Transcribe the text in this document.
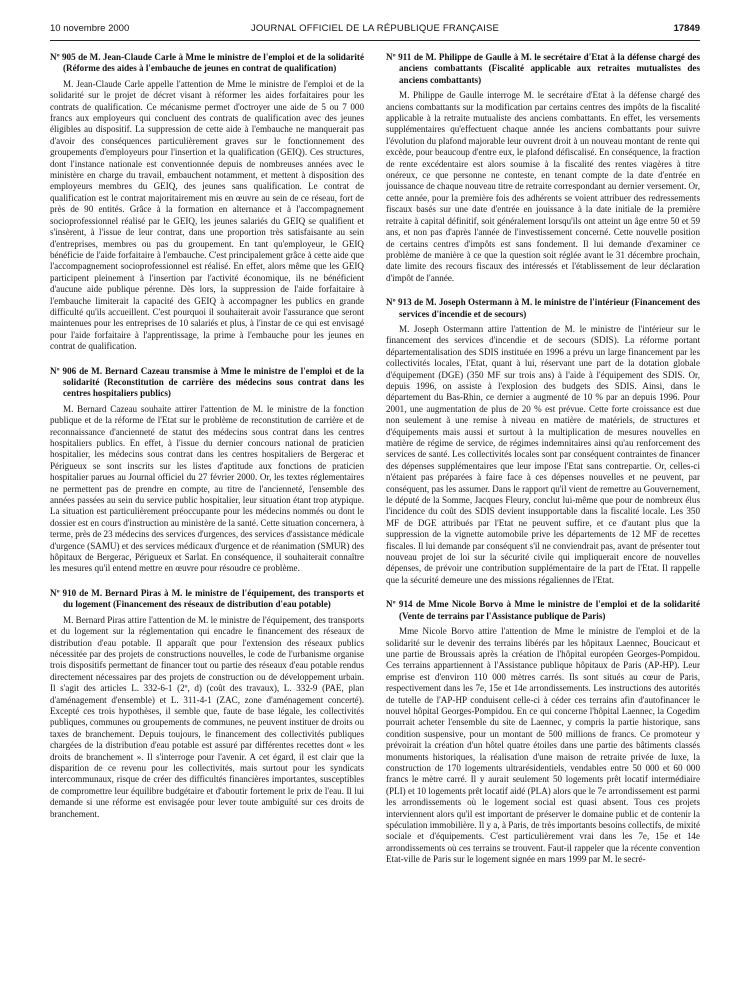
10 novembre 2000	JOURNAL OFFICIEL DE LA RÉPUBLIQUE FRANÇAISE	17849

Nº 905 de M. Jean-Claude Carle à Mme le ministre de l'emploi et de la solidarité (Réforme des aides à l'embauche de jeunes en contrat de qualification)

M. Jean-Claude Carle appelle l'attention de Mme le ministre de l'emploi et de la solidarité sur le projet de décret visant à réformer les aides forfaitaires pour les contrats de qualification. Ce mécanisme permet d'octroyer une aide de 5 ou 7 000 francs aux employeurs qui concluent des contrats de qualification avec des jeunes éligibles au dispositif. La suppression de cette aide à l'embauche ne manquerait pas d'avoir des conséquences particulièrement graves sur le fonctionnement des groupements d'employeurs pour l'insertion et la qualification (GEIQ). Ces structures, dont l'instance nationale est conventionnée depuis de nombreuses années avec le ministère en charge du travail, embauchent notamment, et mettent à disposition des employeurs membres du GEIQ, des jeunes sans qualification. Le contrat de qualification est le contrat majoritairement mis en œuvre au sein de ce réseau, fort de près de 90 entités. Grâce à la formation en alternance et à l'accompagnement socioprofessionnel réalisé par le GEIQ, les jeunes salariés du GEIQ se qualifient et s'insèrent, à l'issue de leur contrat, dans une proportion très satisfaisante au sein d'entreprises, membres ou pas du groupement. En tant qu'employeur, le GEIQ bénéficie de l'aide forfaitaire à l'embauche. C'est principalement grâce à cette aide que l'accompagnement socioprofessionnel est réalisé. En effet, alors même que les GEIQ participent pleinement à l'insertion par l'activité économique, ils ne bénéficient d'aucune aide publique pérenne. Dès lors, la suppression de l'aide forfaitaire à l'embauche limiterait la capacité des GEIQ à accompagner les publics en grande difficulté qu'ils accueillent. C'est pourquoi il souhaiterait avoir l'assurance que seront maintenues pour les entreprises de 10 salariés et plus, à l'instar de ce qui est envisagé pour l'aide forfaitaire à l'apprentissage, la prime à l'embauche pour les jeunes en contrat de qualification.

Nº 906 de M. Bernard Cazeau transmise à Mme le ministre de l'emploi et de la solidarité (Reconstitution de carrière des médecins sous contrat dans les centres hospitaliers publics)

M. Bernard Cazeau souhaite attirer l'attention de M. le ministre de la fonction publique et de la réforme de l'Etat sur le problème de reconstitution de carrière et de reconnaissance d'ancienneté de statut des médecins sous contrat dans les centres hospitaliers publics. En effet, à l'issue du dernier concours national de praticien hospitalier, les médecins sous contrat dans les centres hospitaliers de Bergerac et Périgueux se sont inscrits sur les listes d'aptitude aux fonctions de praticien hospitalier parues au Journal officiel du 27 février 2000. Or, les textes réglementaires ne permettent pas de prendre en compte, au titre de l'ancienneté, l'ensemble des années passées au sein du service public hospitalier, leur situation étant trop atypique. La situation est particulièrement préoccupante pour les médecins nommés ou dont le dossier est en cours d'instruction au ministère de la santé. Cette situation concernera, à terme, près de 23 médecins des services d'urgences, des services d'assistance médicale d'urgence (SAMU) et des services médicaux d'urgence et de réanimation (SMUR) des hôpitaux de Bergerac, Périgueux et Sarlat. En conséquence, il souhaiterait connaître les mesures qu'il entend mettre en œuvre pour résoudre ce problème.

Nº 910 de M. Bernard Piras à M. le ministre de l'équipement, des transports et du logement (Financement des réseaux de distribution d'eau potable)

M. Bernard Piras attire l'attention de M. le ministre de l'équipement, des transports et du logement sur la réglementation qui encadre le financement des réseaux de distribution d'eau potable. Il apparaît que pour l'extension des réseaux publics nécessitée par des projets de constructions nouvelles, le code de l'urbanisme organise trois dispositifs permettant de financer tout ou partie des réseaux d'eau potable rendus directement nécessaires par des projets de construction ou de développement urbain. Il s'agit des articles L. 332-6-1 (2º, d) (coût des travaux), L. 332-9 (PAE, plan d'aménagement d'ensemble) et L. 311-4-1 (ZAC, zone d'aménagement concerté). Excepté ces trois hypothèses, il semble que, faute de base légale, les collectivités publiques, communes ou groupements de communes, ne peuvent instituer de droits ou taxes de branchement. Depuis toujours, le financement des collectivités publiques chargées de la distribution d'eau potable est assuré par différentes recettes dont « les droits de branchement ». Il s'interroge pour l'avenir. A cet égard, il est clair que la disparition de ce revenu pour les collectivités, mais surtout pour les syndicats intercommunaux, risque de créer des difficultés financières importantes, susceptibles de compromettre leur équilibre budgétaire et d'aboutir fortement le prix de l'eau. Il lui demande si une réforme est envisagée pour lever toute ambiguïté sur ces droits de branchement.

Nº 911 de M. Philippe de Gaulle à M. le secrétaire d'Etat à la défense chargé des anciens combattants (Fiscalité applicable aux retraites mutualistes des anciens combattants)

M. Philippe de Gaulle interroge M. le secrétaire d'Etat à la défense chargé des anciens combattants sur la modification par certains centres des impôts de la fiscalité applicable à la retraite mutualiste des anciens combattants. En effet, les versements supplémentaires qu'effectuent chaque année les anciens combattants pour suivre l'évolution du plafond majorable leur ouvrent droit à un nouveau montant de rente qui excède, pour beaucoup d'entre eux, le plafond défiscalisé. En conséquence, la fraction de rente excédentaire est alors soumise à la fiscalité des rentes viagères à titre onéreux, ce que personne ne conteste, en tenant compte de la date d'entrée en jouissance de chaque nouveau titre de retraite correspondant au dernier versement. Or, cette année, pour la première fois des adhérents se voient attribuer des redressements fiscaux basés sur une date d'entrée en jouissance à la date initiale de la première retraite à capital définitif, soit généralement lorsqu'ils ont atteint un âge entre 50 et 59 ans, et non pas d'après l'année de l'investissement concerné. Cette nouvelle position de certains centres d'impôts est sans fondement. Il lui demande d'examiner ce problème de manière à ce que la question soit réglée avant le 31 décembre prochain, date limite des recours fiscaux des intéressés et l'établissement de leur déclaration d'impôt de l'année.

Nº 913 de M. Joseph Ostermann à M. le ministre de l'intérieur (Financement des services d'incendie et de secours)

M. Joseph Ostermann attire l'attention de M. le ministre de l'intérieur sur le financement des services d'incendie et de secours (SDIS). La réforme portant départementalisation des SDIS instituée en 1996 a prévu un large financement par les collectivités locales, l'Etat, quant à lui, réservant une part de la dotation globale d'équipement (DGE) (350 MF sur trois ans) à l'aide à l'équipement des SDIS. Or, depuis 1996, on assiste à l'explosion des budgets des SDIS. Ainsi, dans le département du Bas-Rhin, ce dernier a augmenté de 10 % par an depuis 1996. Pour 2001, une augmentation de plus de 20 % est prévue. Cette forte croissance est due non seulement à une remise à niveau en matière de matériels, de structures et d'équipements mais aussi et surtout à la multiplication de mesures nouvelles en matière de régime de service, de régimes indemnitaires ainsi qu'au renforcement des services de santé. Les collectivités locales sont par conséquent contraintes de financer des dépenses supplémentaires que leur impose l'Etat sans contrepartie. Or, celles-ci n'étaient pas préparées à faire face à ces dépenses nouvelles et ne peuvent, par conséquent, pas les assumer. Dans le rapport qu'il vient de remettre au Gouvernement, le député de la Somme, Jacques Fleury, conclut lui-même que pour de nombreux élus l'incidence du coût des SDIS devient insupportable dans la fiscalité locale. Les 350 MF de DGE attribués par l'Etat ne peuvent suffire, et ce d'autant plus que la suppression de la vignette automobile prive les départements de 12 MF de recettes fiscales. Il lui demande par conséquent s'il ne conviendrait pas, avant de présenter tout nouveau projet de loi sur la sécurité civile qui impliquerait encore de nouvelles dépenses, de prévoir une contribution supplémentaire de la part de l'Etat. Il rappelle que la sécurité demeure une des missions régaliennes de l'Etat.

Nº 914 de Mme Nicole Borvo à Mme le ministre de l'emploi et de la solidarité (Vente de terrains par l'Assistance publique de Paris)

Mme Nicole Borvo attire l'attention de Mme le ministre de l'emploi et de la solidarité sur le devenir des terrains libérés par les hôpitaux Laennec, Boucicaut et une partie de Broussais après la création de l'hôpital européen Georges-Pompidou. Ces terrains appartiennent à l'Assistance publique hôpitaux de Paris (AP-HP). Leur emprise est d'environ 110 000 mètres carrés. Ils sont situés au cœur de Paris, respectivement dans les 7e, 15e et 14e arrondissements. Les instructions des autorités de tutelle de l'AP-HP conduisent celle-ci à céder ces terrains afin d'autofinancer le nouvel hôpital Georges-Pompidou. En ce qui concerne l'hôpital Laennec, la Cogedim pourrait acheter l'ensemble du site de Laennec, y compris la partie historique, sans condition suspensive, pour un montant de 500 millions de francs. Ce promoteur y prévoirait la création d'un hôtel quatre étoiles dans une partie des bâtiments classés monuments historiques, la réalisation d'une maison de retraite privée de luxe, la construction de 170 logements ultrarésidentiels, vendables entre 50 000 et 60 000 francs le mètre carré. Il y aurait seulement 50 logements prêt locatif intermédiaire (PLI) et 10 logements prêt locatif aidé (PLA) alors que le 7e arrondissement est parmi les arrondissements où le logement social est quasi absent. Tous ces projets interviennent alors qu'il est important de préserver le domaine public et de contenir la spéculation immobilière. Il y a, à Paris, de très importants besoins collectifs, de mixité sociale et d'équipements. C'est particulièrement vrai dans les 7e, 15e et 14e arrondissements où ces terrains se trouvent. Faut-il rappeler que la récente convention Etat-ville de Paris sur le logement signée en mars 1999 par M. le secré-
